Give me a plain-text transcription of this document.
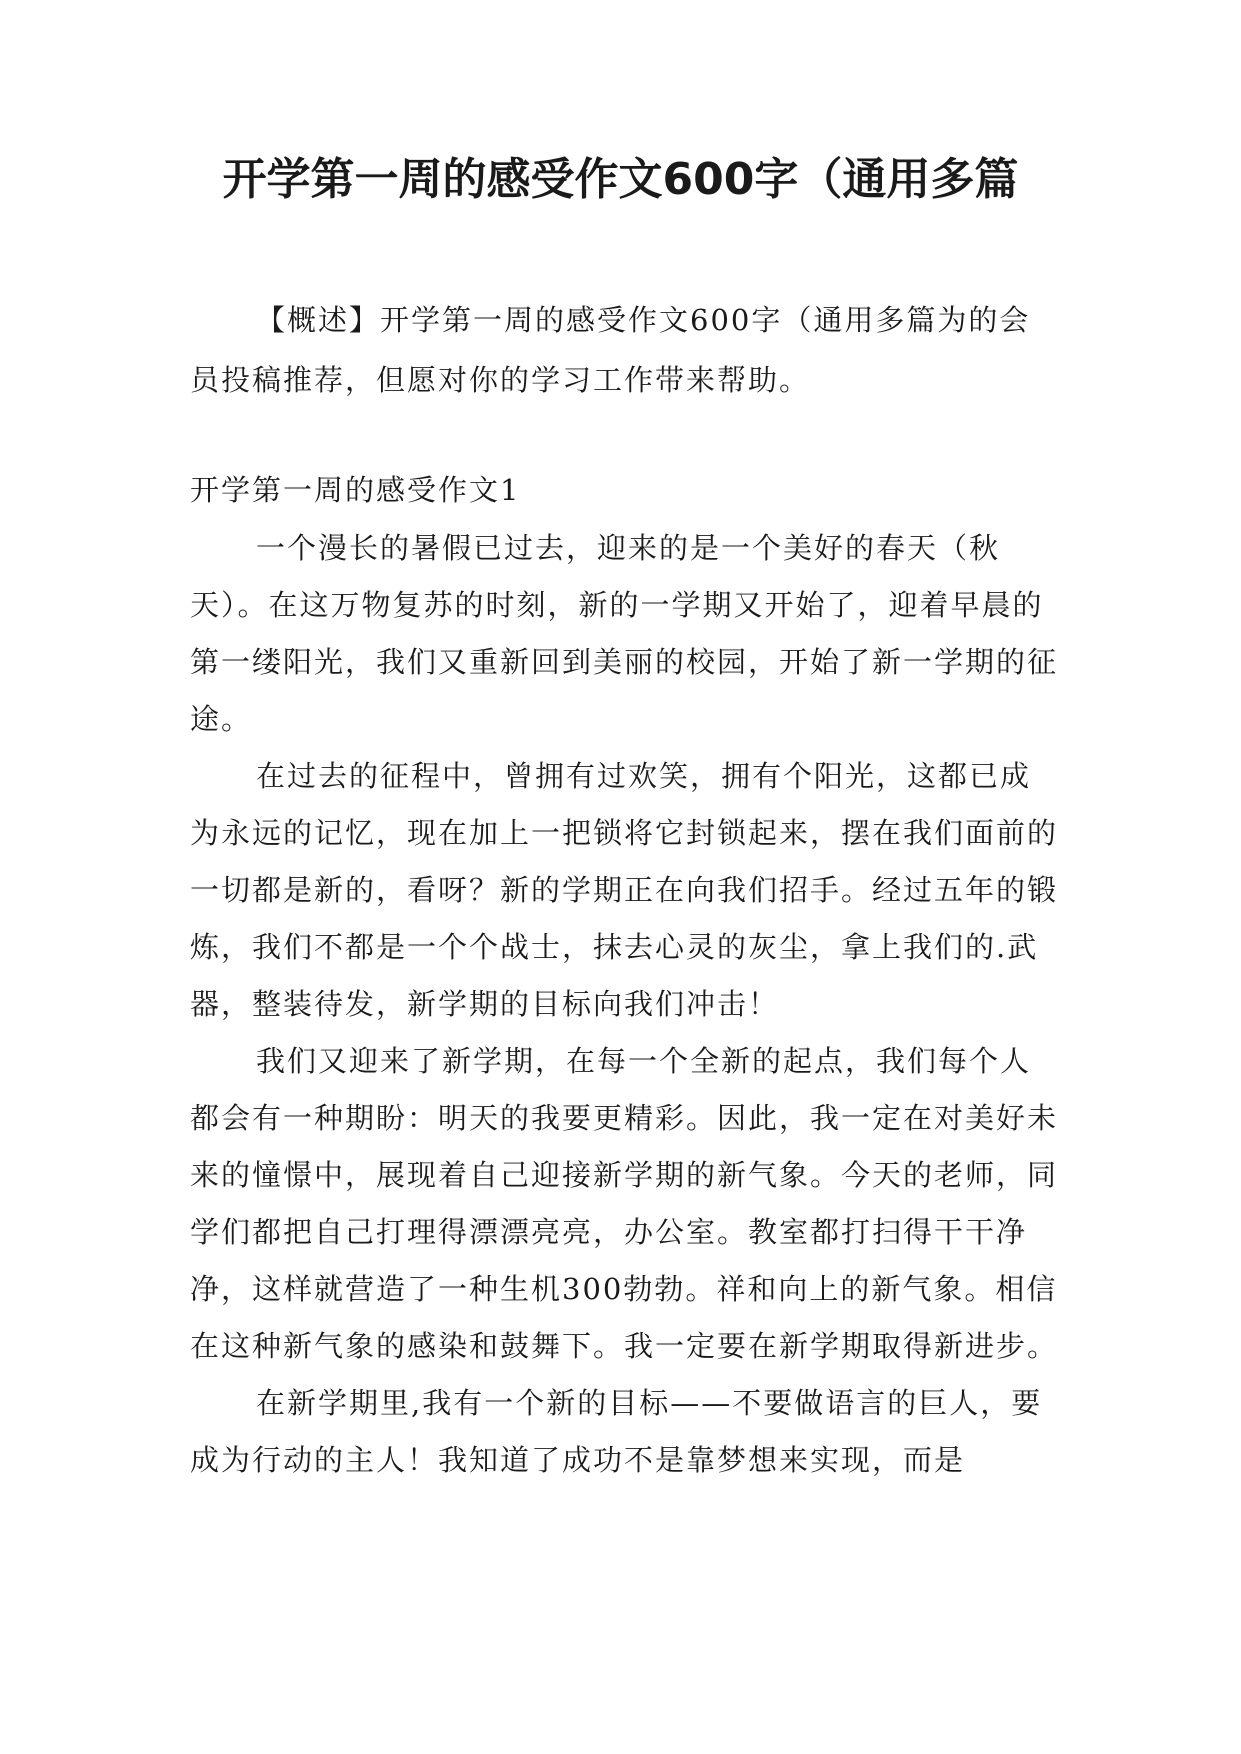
开学第一周的感受作文600字（通用多篇

【概述】开学第一周的感受作文600字（通用多篇为的会员投稿推荐，但愿对你的学习工作带来帮助。

开学第一周的感受作文1

一个漫长的暑假已过去，迎来的是一个美好的春天（秋天）。在这万物复苏的时刻，新的一学期又开始了，迎着早晨的第一缕阳光，我们又重新回到美丽的校园，开始了新一学期的征途。

在过去的征程中，曾拥有过欢笑，拥有个阳光，这都已成为永远的记忆，现在加上一把锁将它封锁起来，摆在我们面前的一切都是新的，看呀？新的学期正在向我们招手。经过五年的锻炼，我们不都是一个个战士，抹去心灵的灰尘，拿上我们的.武器，整装待发，新学期的目标向我们冲击！

我们又迎来了新学期，在每一个全新的起点，我们每个人都会有一种期盼：明天的我要更精彩。因此，我一定在对美好未来的憧憬中，展现着自己迎接新学期的新气象。今天的老师，同学们都把自己打理得漂漂亮亮，办公室。教室都打扫得干干净净，这样就营造了一种生机300勃勃。祥和向上的新气象。相信在这种新气象的感染和鼓舞下。我一定要在新学期取得新进步。

在新学期里,我有一个新的目标——不要做语言的巨人，要成为行动的主人！我知道了成功不是靠梦想来实现，而是
